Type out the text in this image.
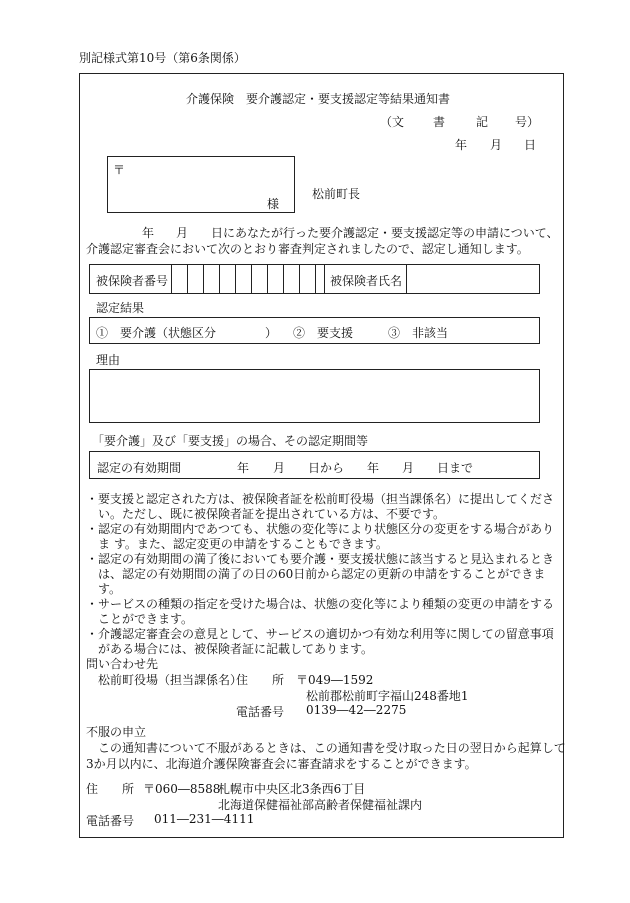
別記様式第10号（第6条関係）
介護保険　要介護認定・要支援認定等結果通知書
（文 書	記 号）
年 月 日
〒
様
松前町長
年 月 日にあなたが行った要介護認定・要支援認定等の申請について、
介護認定審査会において次のとおり審査判定されましたので、認定し通知します。
被保険者番号	被保険者氏名
認定結果
①　要介護（状態区分	） ②　要支援	③　非該当
理由
「要介護」及び「要支援」の場合、その認定期間等
認定の有効期間	年 月 日から 年 月 日まで

・ 要支援と認定された方は、被保険者証を松前町役場（担当課係名）に提出してください。ただし、既に被保険者証を提出されている方は、不要です。

・ 認定の有効期間内であつても、状態の変化等により状態区分の変更をする場合がありま す。また、認定変更の申請をすることもできます。

・ 認定の有効期間の満了後においても要介護・要支援状態に該当すると見込まれるときは、認定の有効期間の満了の日の60日前から認定の更新の申請をすることができます。

・ サービスの種類の指定を受けた場合は、状態の変化等により種類の変更の申請をすることができます。

・ 介護認定審査会の意見として、サービスの適切かつ有効な利用等に関しての留意事項がある場合には、被保険者証に記載してあります。

問い合わせ先
松前町役場（担当課係名）
住　　所 〒049―1592
松前郡松前町字福山248番地1
電話番号 0139―42―2275
不服の申立
この通知書について不服があるときは、この通知書を受け取った日の翌日から起算して
3か月以内に、北海道介護保険審査会に審査請求をすることができます。
住　　所 〒060―8588
札幌市中央区北3条西6丁目
北海道保健福祉部高齢者保健福祉課内
電話番号 011―231―4111
